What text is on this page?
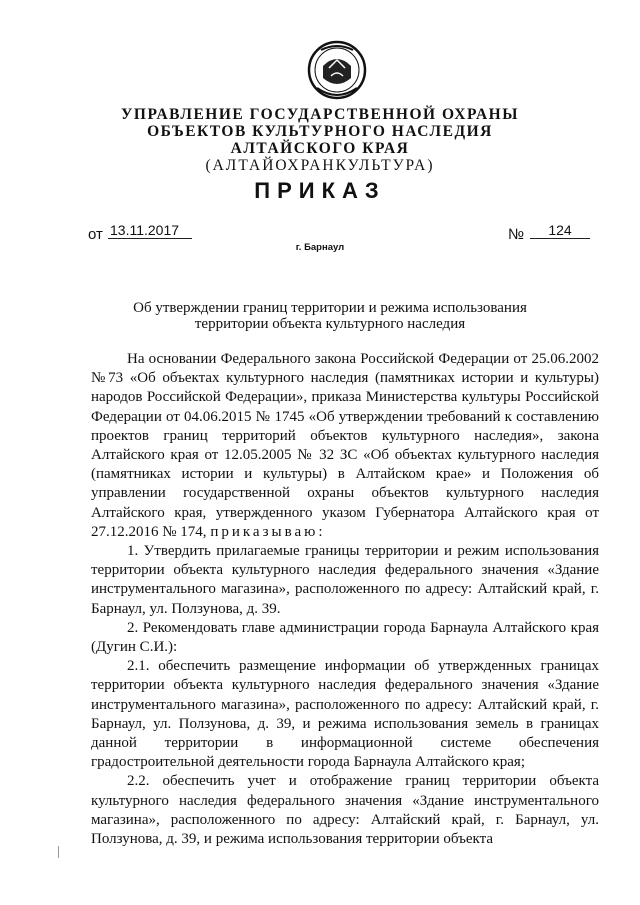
УПРАВЛЕНИЕ ГОСУДАРСТВЕННОЙ ОХРАНЫ
ОБЪЕКТОВ КУЛЬТУРНОГО НАСЛЕДИЯ
АЛТАЙСКОГО КРАЯ
(АЛТАЙОХРАНКУЛЬТУРА)
ПРИКАЗ
от 13.11.2017	№	124
г. Барнаул
Об утверждении границ территории и режима использования
территории объекта культурного наследия

На основании Федерального закона Российской Федерации от 25.06.2002 №73 «Об объектах культурного наследия (памятниках истории и культуры) народов Российской Федерации», приказа Министерства культуры Российской Федерации от 04.06.2015 № 1745 «Об утверждении требований к составлению проектов границ территорий объектов культурного наследия», закона Алтайского края от 12.05.2005 № 32 ЗС «Об объектах культурного наследия (памятниках истории и культуры) в Алтайском крае» и Положения об управлении государственной охраны объектов культурного наследия Алтайского края, утвержденного указом Губернатора Алтайского края от 27.12.2016 № 174, приказываю:

1. Утвердить прилагаемые границы территории и режим использования территории объекта культурного наследия федерального значения «Здание инструментального магазина», расположенного по адресу: Алтайский край, г. Барнаул, ул. Ползунова, д. 39.

2. Рекомендовать главе администрации города Барнаула Алтайского края (Дугин С.И.):

2.1. обеспечить размещение информации об утвержденных границах территории объекта культурного наследия федерального значения «Здание инструментального магазина», расположенного по адресу: Алтайский край, г. Барнаул, ул. Ползунова, д. 39, и режима использования земель в границах данной территории в информационной системе обеспечения градостроительной деятельности города Барнаула Алтайского края;

2.2. обеспечить учет и отображение границ территории объекта культурного наследия федерального значения «Здание инструментального магазина», расположенного по адресу: Алтайский край, г. Барнаул, ул. Ползунова, д. 39, и режима использования территории объекта
